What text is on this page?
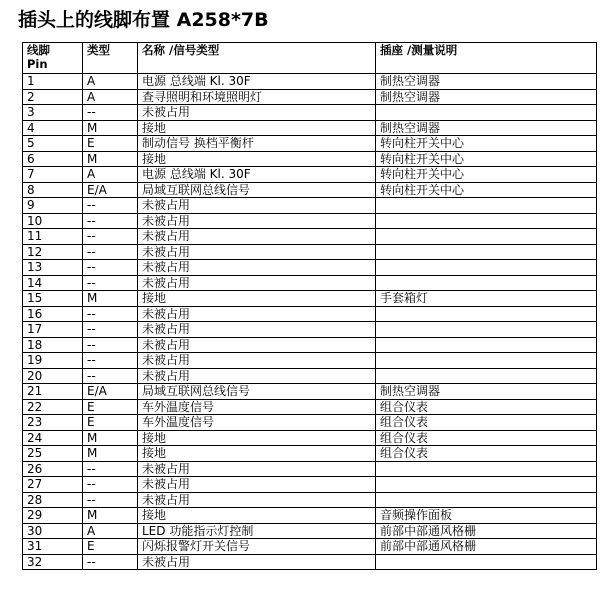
插头上的线脚布置 A258*7B
线脚
Pin	类型	名称 /信号类型	插座 /测量说明
1	A	电源 总线端 Kl. 30F	制热空调器
2	A	查寻照明和环境照明灯	制热空调器
3	--	未被占用	
4	M	接地	制热空调器
5	E	制动信号 换档平衡杆	转向柱开关中心
6	M	接地	转向柱开关中心
7	A	电源 总线端 Kl. 30F	转向柱开关中心
8	E/A	局域互联网总线信号	转向柱开关中心
9	--	未被占用	
10	--	未被占用	
11	--	未被占用	
12	--	未被占用	
13	--	未被占用	
14	--	未被占用	
15	M	接地	手套箱灯
16	--	未被占用	
17	--	未被占用	
18	--	未被占用	
19	--	未被占用	
20	--	未被占用	
21	E/A	局域互联网总线信号	制热空调器
22	E	车外温度信号	组合仪表
23	E	车外温度信号	组合仪表
24	M	接地	组合仪表
25	M	接地	组合仪表
26	--	未被占用	
27	--	未被占用	
28	--	未被占用	
29	M	接地	音频操作面板
30	A	LED 功能指示灯控制	前部中部通风格栅
31	E	闪烁报警灯开关信号	前部中部通风格栅
32	--	未被占用	
